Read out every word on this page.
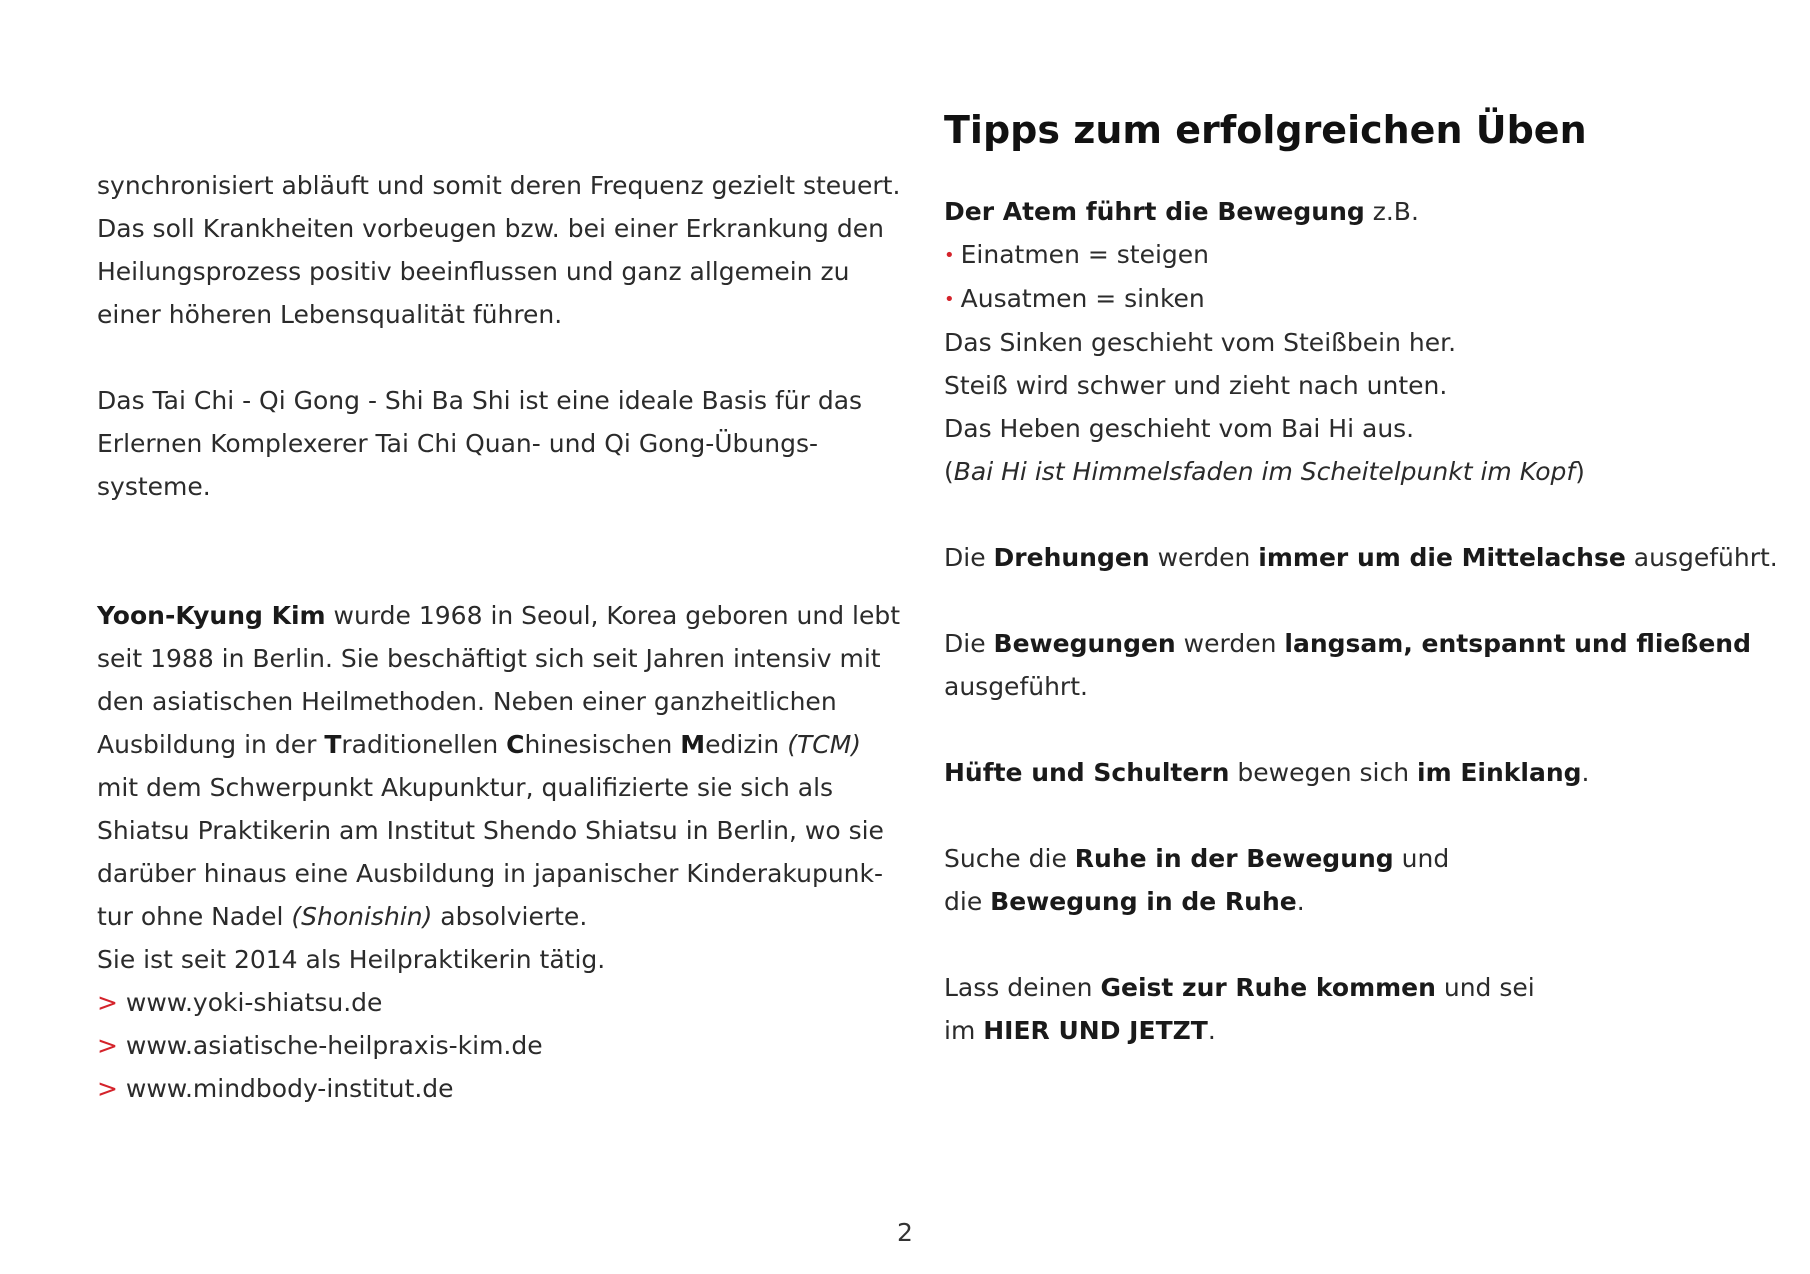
synchronisiert abläuft und somit deren Frequenz gezielt steuert.
Das soll Krankheiten vorbeugen bzw. bei einer Erkrankung den
Heilungsprozess positiv beeinflussen und ganz allgemein zu
einer höheren Lebensqualität führen.

Das Tai Chi - Qi Gong - Shi Ba Shi ist eine ideale Basis für das
Erlernen Komplexerer Tai Chi Quan- und Qi Gong-Übungs-
systeme.

Yoon-Kyung Kim wurde 1968 in Seoul, Korea geboren und lebt
seit 1988 in Berlin. Sie beschäftigt sich seit Jahren intensiv mit
den asiatischen Heilmethoden. Neben einer ganzheitlichen
Ausbildung in der Traditionellen Chinesischen Medizin (TCM)
mit dem Schwerpunkt Akupunktur, qualifizierte sie sich als
Shiatsu Praktikerin am Institut Shendo Shiatsu in Berlin, wo sie
darüber hinaus eine Ausbildung in japanischer Kinderakupunk-
tur ohne Nadel (Shonishin) absolvierte.
Sie ist seit 2014 als Heilpraktikerin tätig.
> www.yoki-shiatsu.de
> www.asiatische-heilpraxis-kim.de
> www.mindbody-institut.de

Tipps zum erfolgreichen Üben

Der Atem führt die Bewegung z.B.
• Einatmen = steigen
• Ausatmen = sinken
Das Sinken geschieht vom Steißbein her.
Steiß wird schwer und zieht nach unten.
Das Heben geschieht vom Bai Hi aus.
(Bai Hi ist Himmelsfaden im Scheitelpunkt im Kopf)

Die Drehungen werden immer um die Mittelachse ausgeführt.

Die Bewegungen werden langsam, entspannt und fließend
ausgeführt.

Hüfte und Schultern bewegen sich im Einklang.

Suche die Ruhe in der Bewegung und
die Bewegung in de Ruhe.

Lass deinen Geist zur Ruhe kommen und sei
im HIER UND JETZT.

2
